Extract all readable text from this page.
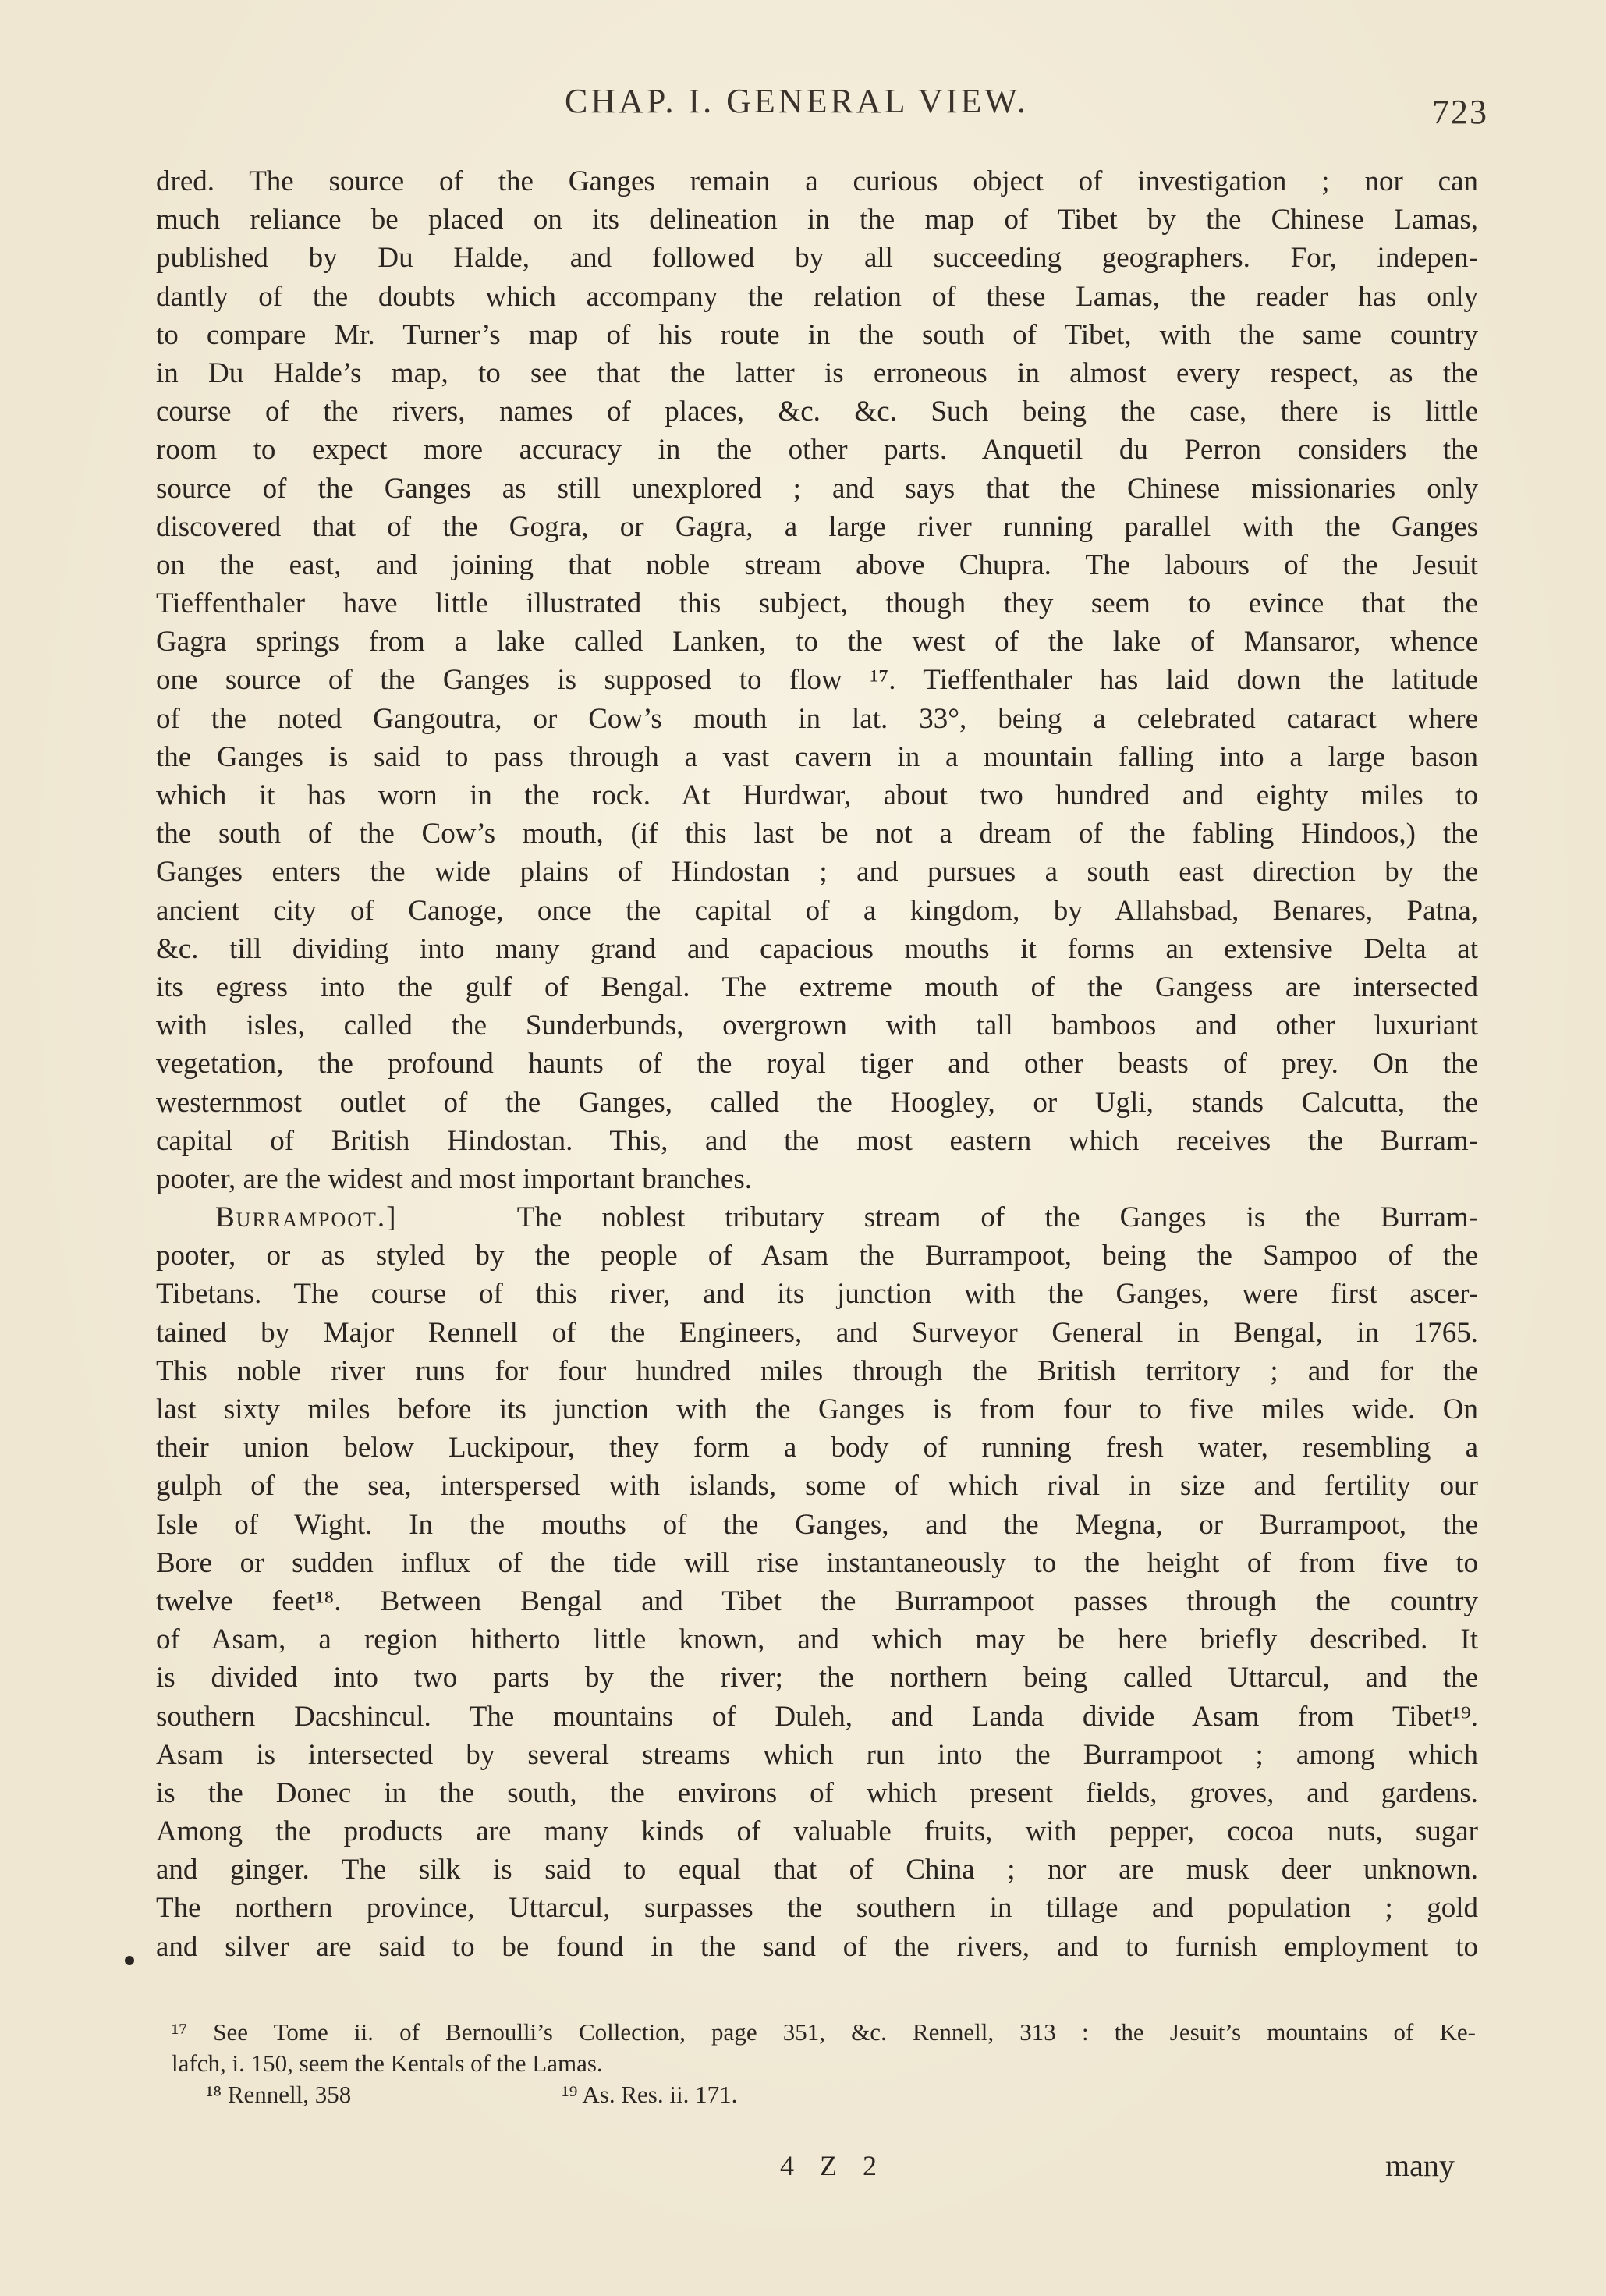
CHAP. I. GENERAL VIEW.	723
dred. The source of the Ganges remain a curious object of investigation ; nor can
much reliance be placed on its delineation in the map of Tibet by the Chinese Lamas,
published by Du Halde, and followed by all succeeding geographers. For, indepen-
dantly of the doubts which accompany the relation of these Lamas, the reader has only
to compare Mr. Turner’s map of his route in the south of Tibet, with the same country
in Du Halde’s map, to see that the latter is erroneous in almost every respect, as the
course of the rivers, names of places, &c. &c. Such being the case, there is little
room to expect more accuracy in the other parts. Anquetil du Perron considers the
source of the Ganges as still unexplored ; and says that the Chinese missionaries only
discovered that of the Gogra, or Gagra, a large river running parallel with the Ganges
on the east, and joining that noble stream above Chupra. The labours of the Jesuit
Tieffenthaler have little illustrated this subject, though they seem to evince that the
Gagra springs from a lake called Lanken, to the west of the lake of Mansaror, whence
one source of the Ganges is supposed to flow ¹⁷. Tieffenthaler has laid down the latitude
of the noted Gangoutra, or Cow’s mouth in lat. 33°, being a celebrated cataract where
the Ganges is said to pass through a vast cavern in a mountain falling into a large bason
which it has worn in the rock. At Hurdwar, about two hundred and eighty miles to
the south of the Cow’s mouth, (if this last be not a dream of the fabling Hindoos,) the
Ganges enters the wide plains of Hindostan ; and pursues a south east direction by the
ancient city of Canoge, once the capital of a kingdom, by Allahsbad, Benares, Patna,
&c. till dividing into many grand and capacious mouths it forms an extensive Delta at
its egress into the gulf of Bengal. The extreme mouth of the Gangess are intersected
with isles, called the Sunderbunds, overgrown with tall bamboos and other luxuriant
vegetation, the profound haunts of the royal tiger and other beasts of prey. On the
westernmost outlet of the Ganges, called the Hoogley, or Ugli, stands Calcutta, the
capital of British Hindostan. This, and the most eastern which receives the Burram-
pooter, are the widest and most important branches.
Burrampoot.]	The noblest tributary stream of the Ganges is the Burram-
pooter, or as styled by the people of Asam the Burrampoot, being the Sampoo of the
Tibetans. The course of this river, and its junction with the Ganges, were first ascer-
tained by Major Rennell of the Engineers, and Surveyor General in Bengal, in 1765.
This noble river runs for four hundred miles through the British territory ; and for the
last sixty miles before its junction with the Ganges is from four to five miles wide. On
their union below Luckipour, they form a body of running fresh water, resembling a
gulph of the sea, interspersed with islands, some of which rival in size and fertility our
Isle of Wight. In the mouths of the Ganges, and the Megna, or Burrampoot, the
Bore or sudden influx of the tide will rise instantaneously to the height of from five to
twelve feet¹⁸. Between Bengal and Tibet the Burrampoot passes through the country
of Asam, a region hitherto little known, and which may be here briefly described. It
is divided into two parts by the river; the northern being called Uttarcul, and the
southern Dacshincul. The mountains of Duleh, and Landa divide Asam from Tibet¹⁹.
Asam is intersected by several streams which run into the Burrampoot ; among which
is the Donec in the south, the environs of which present fields, groves, and gardens.
Among the products are many kinds of valuable fruits, with pepper, cocoa nuts, sugar
and ginger. The silk is said to equal that of China ; nor are musk deer unknown.
The northern province, Uttarcul, surpasses the southern in tillage and population ; gold
and silver are said to be found in the sand of the rivers, and to furnish employment to
¹⁷ See Tome ii. of Bernoulli’s Collection, page 351, &c. Rennell, 313 : the Jesuit’s mountains of Ke-
lafch, i. 150, seem the Kentals of the Lamas.
¹⁸ Rennell, 358	¹⁹ As. Res. ii. 171.
4 Z 2	many
